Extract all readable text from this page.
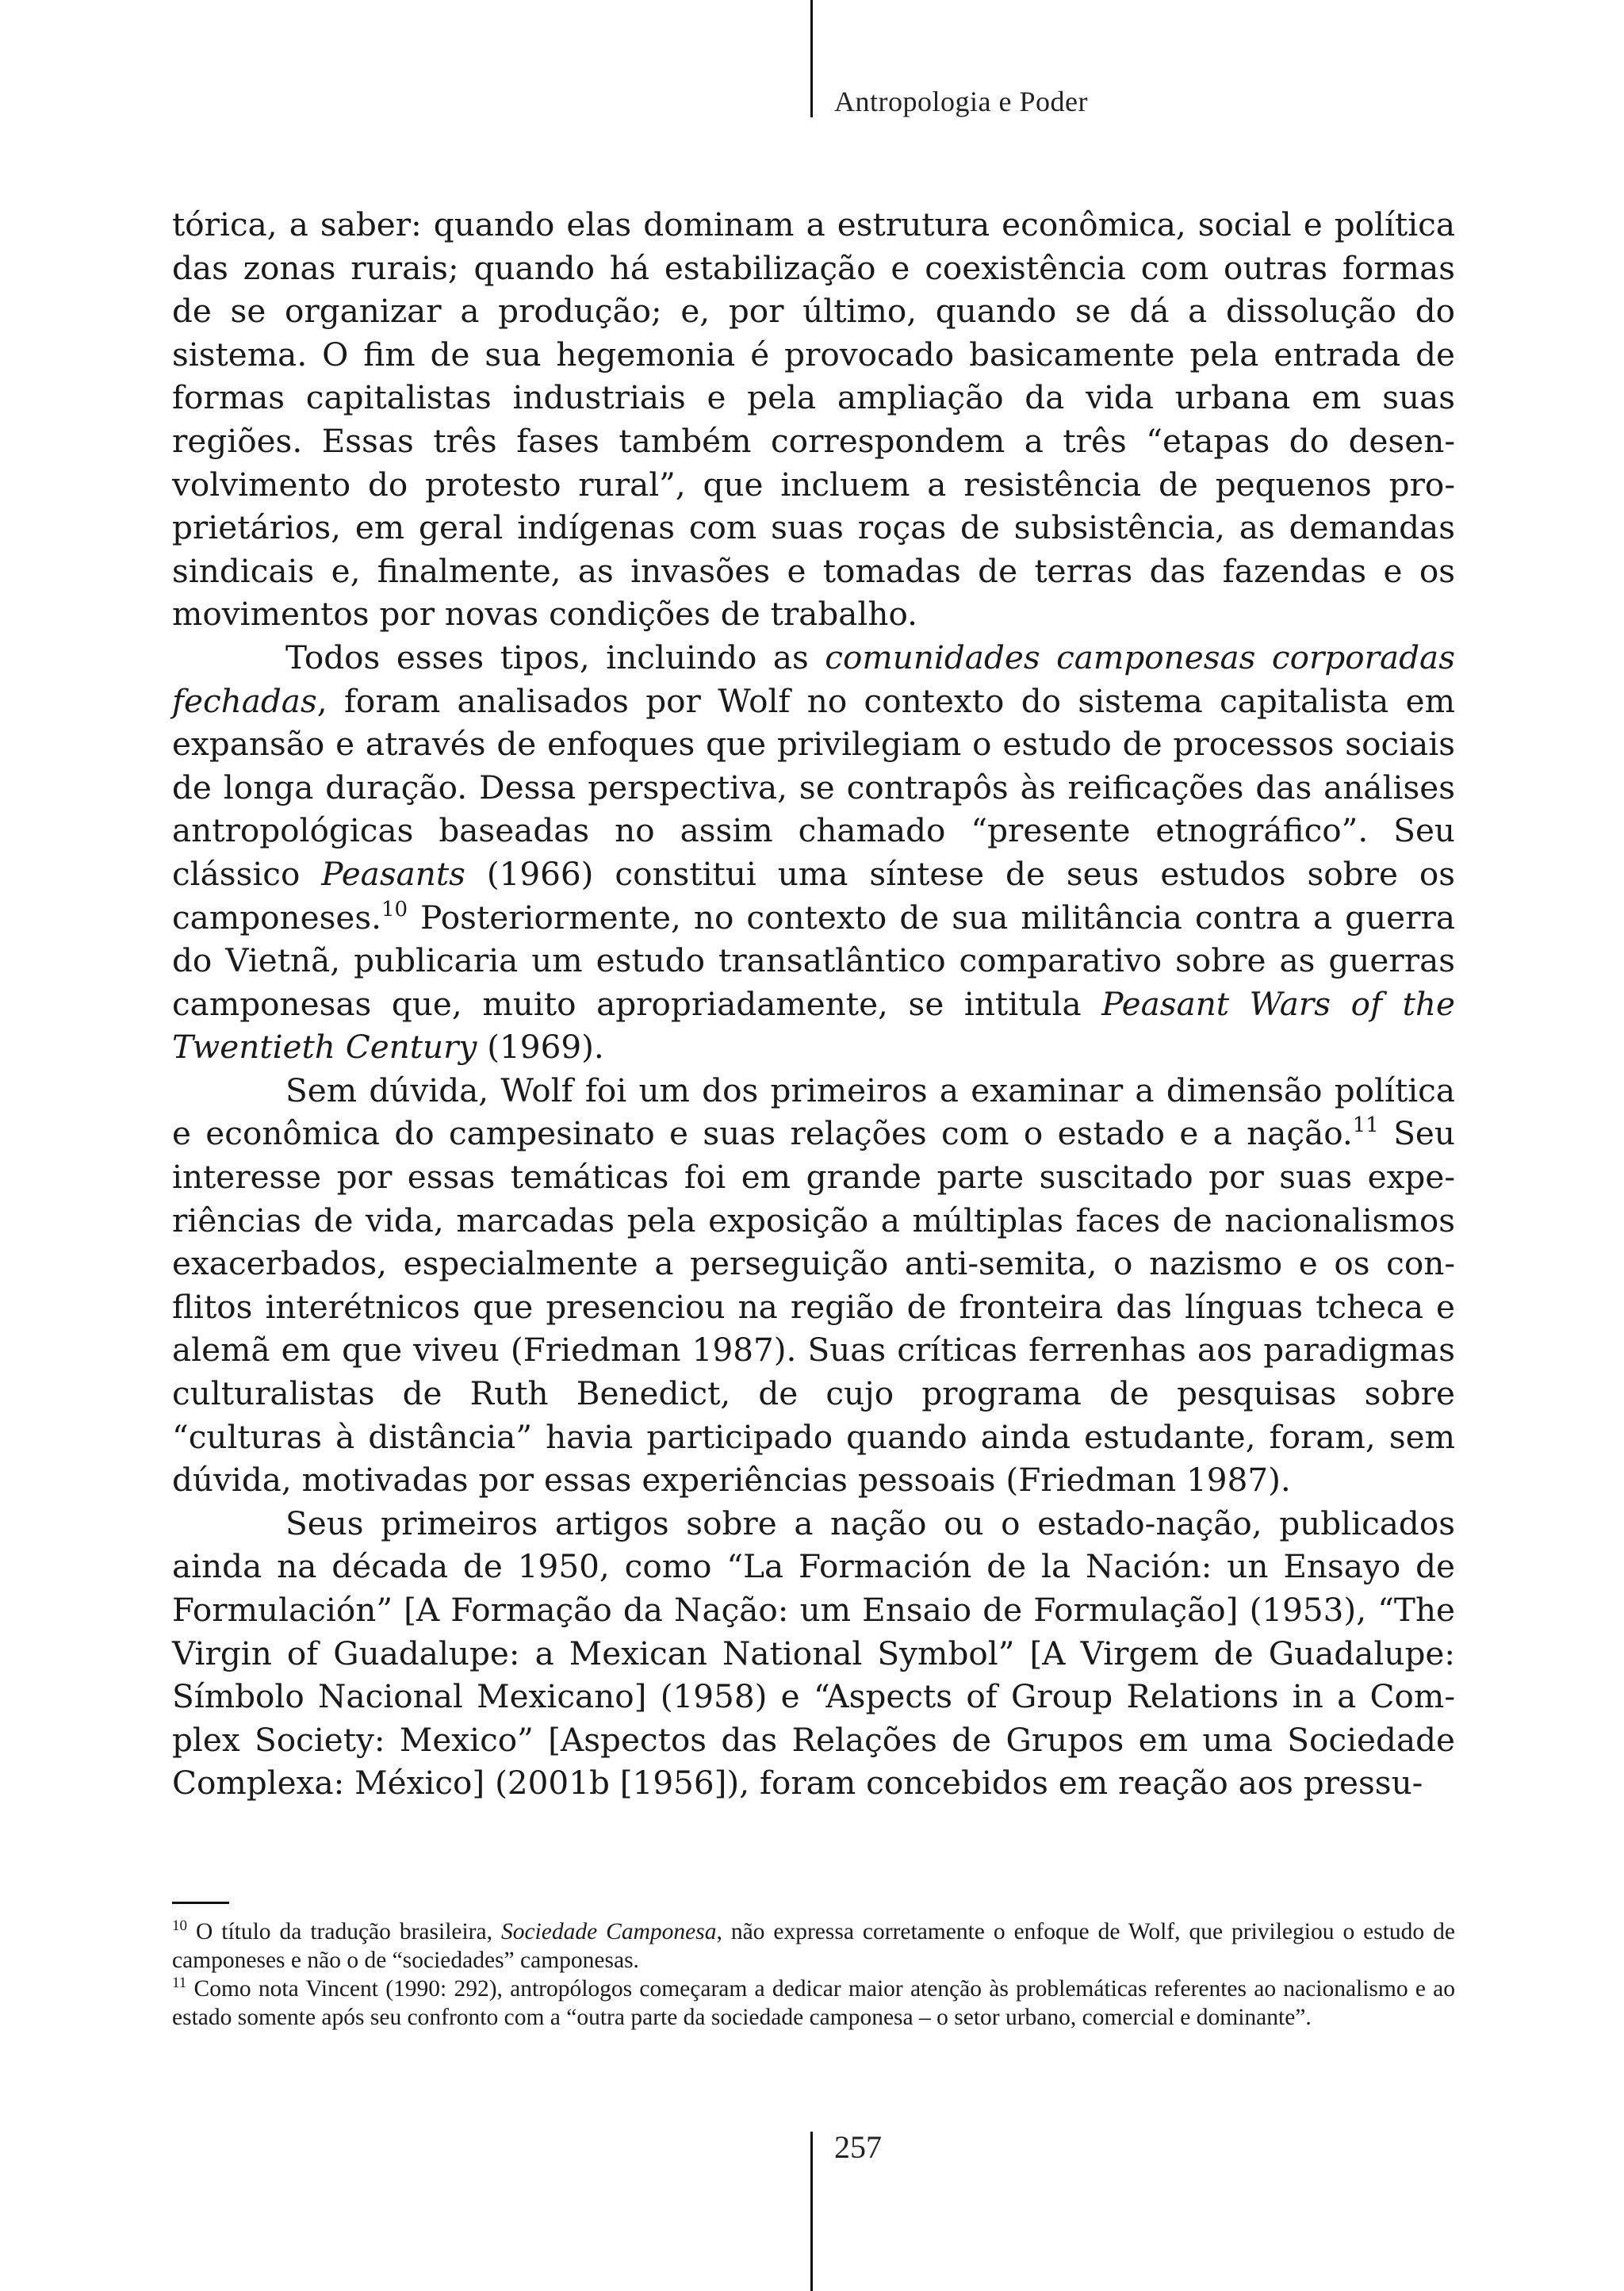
Antropologia e Poder

tórica, a saber: quando elas dominam a estrutura econômica, social e política das zonas rurais; quando há estabilização e coexistência com outras formas de se organizar a produção; e, por último, quando se dá a dissolução do sistema. O fim de sua hegemonia é provocado basicamente pela entrada de formas capitalistas industriais e pela ampliação da vida urbana em suas regiões. Essas três fases também correspondem a três “etapas do desenvolvimento do protesto rural”, que incluem a resistência de pequenos proprietários, em geral indígenas com suas roças de subsistência, as demandas sindicais e, finalmente, as invasões e tomadas de terras das fazendas e os movimentos por novas condições de trabalho.

Todos esses tipos, incluindo as comunidades camponesas corporadas fechadas, foram analisados por Wolf no contexto do sistema capitalista em expansão e através de enfoques que privilegiam o estudo de processos sociais de longa duração. Dessa perspectiva, se contrapôs às reificações das análises antropológicas baseadas no assim chamado “presente etnográfico”. Seu clássico Peasants (1966) constitui uma síntese de seus estudos sobre os camponeses.$^{10}$ Posteriormente, no contexto de sua militância contra a guerra do Vietnã, publicaria um estudo transatlântico comparativo sobre as guerras camponesas que, muito apropriadamente, se intitula Peasant Wars of the Twentieth Century (1969).

Sem dúvida, Wolf foi um dos primeiros a examinar a dimensão política e econômica do campesinato e suas relações com o estado e a nação.$^{11}$ Seu interesse por essas temáticas foi em grande parte suscitado por suas experiências de vida, marcadas pela exposição a múltiplas faces de nacionalismos exacerbados, especialmente a perseguição anti-semita, o nazismo e os conflitos interétnicos que presenciou na região de fronteira das línguas tcheca e alemã em que viveu (Friedman 1987). Suas críticas ferrenhas aos paradigmas culturalistas de Ruth Benedict, de cujo programa de pesquisas sobre “culturas à distância” havia participado quando ainda estudante, foram, sem dúvida, motivadas por essas experiências pessoais (Friedman 1987).

Seus primeiros artigos sobre a nação ou o estado-nação, publicados ainda na década de 1950, como “La Formación de la Nación: un Ensayo de Formulación” [A Formação da Nação: um Ensaio de Formulação] (1953), “The Virgin of Guadalupe: a Mexican National Symbol” [A Virgem de Guadalupe: Símbolo Nacional Mexicano] (1958) e “Aspects of Group Relations in a Complex Society: Mexico” [Aspectos das Relações de Grupos em uma Sociedade Complexa: México] (2001b [1956]), foram concebidos em reação aos pressu-

$^{10}$ O título da tradução brasileira, Sociedade Camponesa, não expressa corretamente o enfoque de Wolf, que privilegiou o estudo de camponeses e não o de “sociedades” camponesas.

$^{11}$ Como nota Vincent (1990: 292), antropólogos começaram a dedicar maior atenção às problemáticas referentes ao nacionalismo e ao estado somente após seu confronto com a “outra parte da sociedade camponesa – o setor urbano, comercial e dominante”.

257
